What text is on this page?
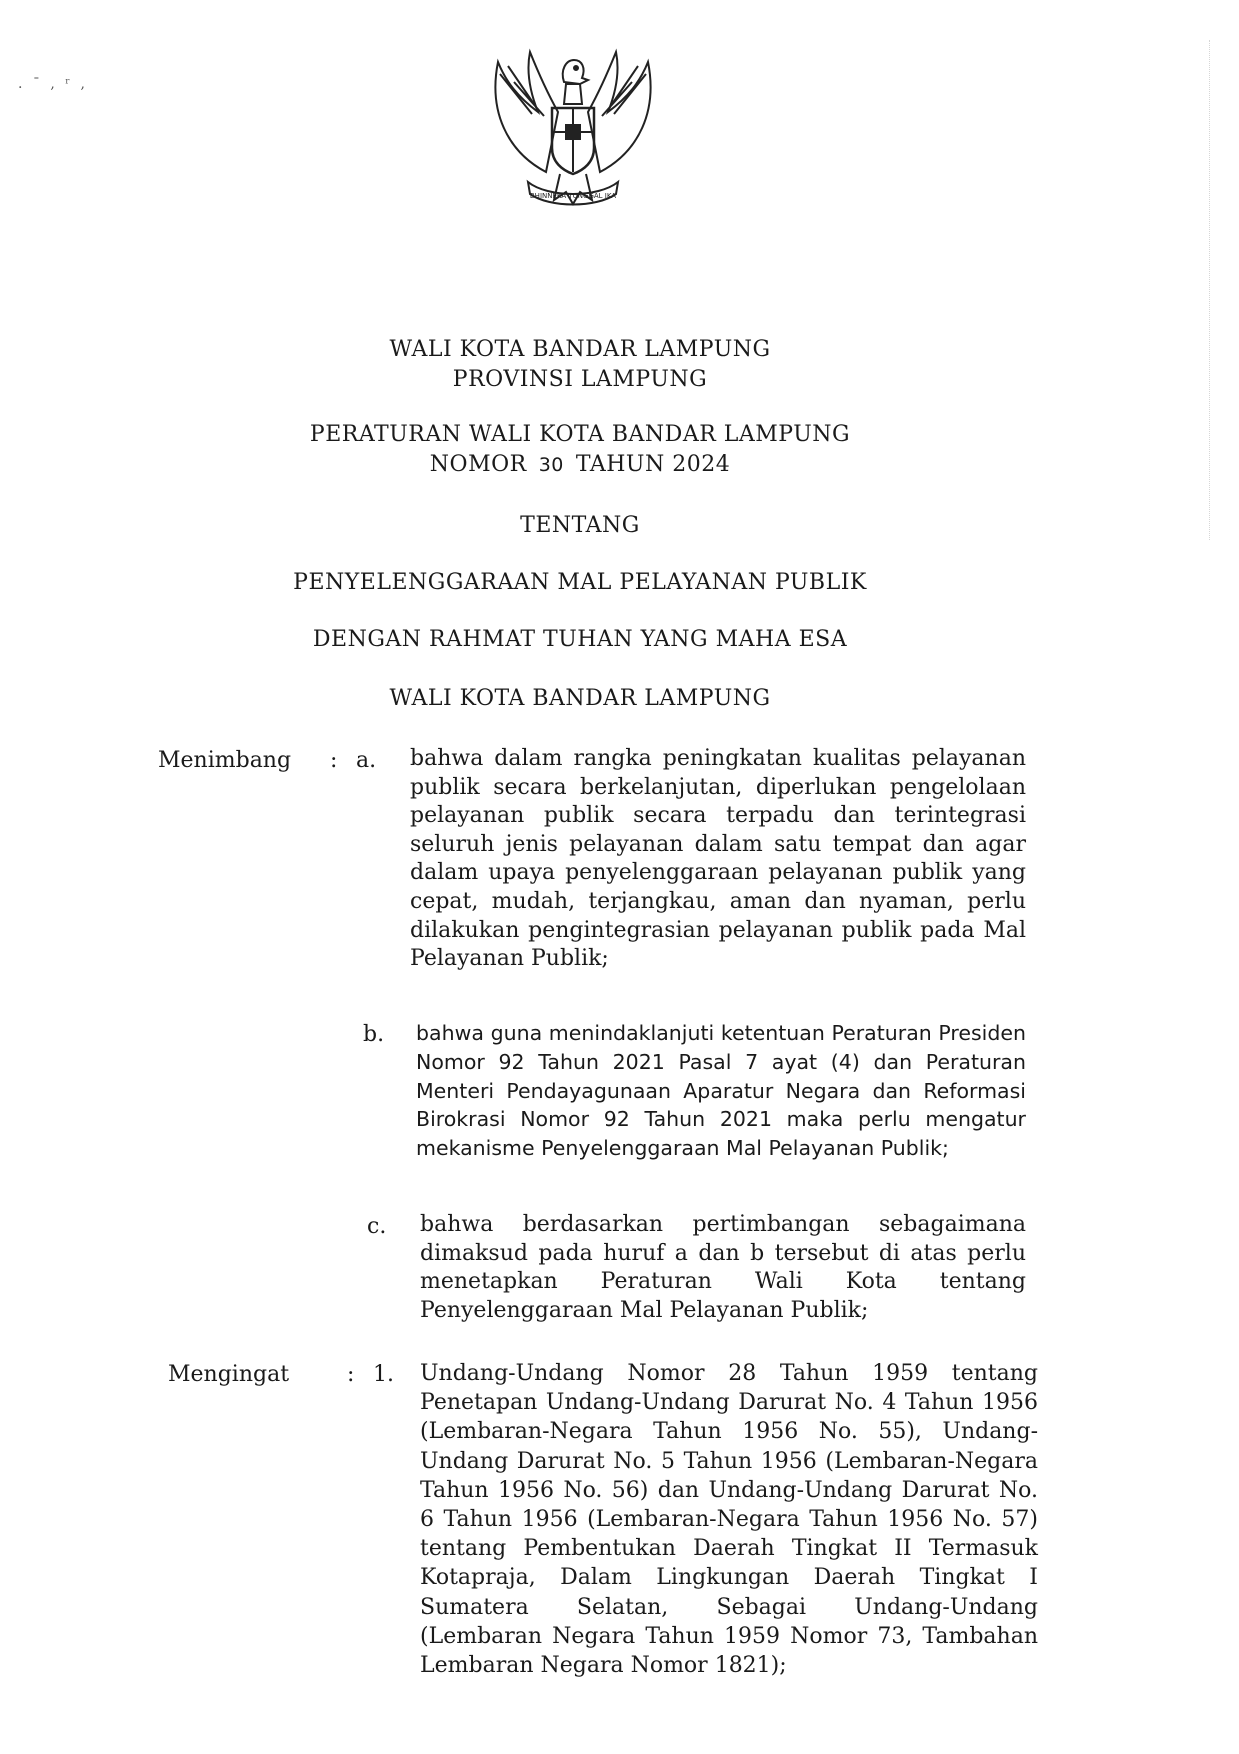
. ˉ , ʳ ,
BHINNEKA TUNGGAL IKA
WALI KOTA BANDAR LAMPUNG
PROVINSI LAMPUNG
PERATURAN WALI KOTA BANDAR LAMPUNG
NOMOR 30 TAHUN 2024
TENTANG
PENYELENGGARAAN MAL PELAYANAN PUBLIK
DENGAN RAHMAT TUHAN YANG MAHA ESA
WALI KOTA BANDAR LAMPUNG
Menimbang : a. bahwa dalam rangka peningkatan kualitas pelayanan publik secara berkelanjutan, diperlukan pengelolaan pelayanan publik secara terpadu dan terintegrasi seluruh jenis pelayanan dalam satu tempat dan agar dalam upaya penyelenggaraan pelayanan publik yang cepat, mudah, terjangkau, aman dan nyaman, perlu dilakukan pengintegrasian pelayanan publik pada Mal Pelayanan Publik;

b. bahwa guna menindaklanjuti ketentuan Peraturan Presiden Nomor 92 Tahun 2021 Pasal 7 ayat (4) dan Peraturan Menteri Pendayagunaan Aparatur Negara dan Reformasi Birokrasi Nomor 92 Tahun 2021 maka perlu mengatur mekanisme Penyelenggaraan Mal Pelayanan Publik;

c. bahwa berdasarkan pertimbangan sebagaimana dimaksud pada huruf a dan b tersebut di atas perlu menetapkan Peraturan Wali Kota tentang Penyelenggaraan Mal Pelayanan Publik;

Mengingat	: 1. Undang-Undang Nomor 28 Tahun 1959 tentang Penetapan Undang-Undang Darurat No. 4 Tahun 1956 (Lembaran-Negara Tahun 1956 No. 55), Undang-Undang Darurat No. 5 Tahun 1956 (Lembaran-Negara Tahun 1956 No. 56) dan Undang-Undang Darurat No. 6 Tahun 1956 (Lembaran-Negara Tahun 1956 No. 57) tentang Pembentukan Daerah Tingkat II Termasuk Kotapraja, Dalam Lingkungan Daerah Tingkat I Sumatera Selatan, Sebagai Undang-Undang (Lembaran Negara Tahun 1959 Nomor 73, Tambahan Lembaran Negara Nomor 1821);
